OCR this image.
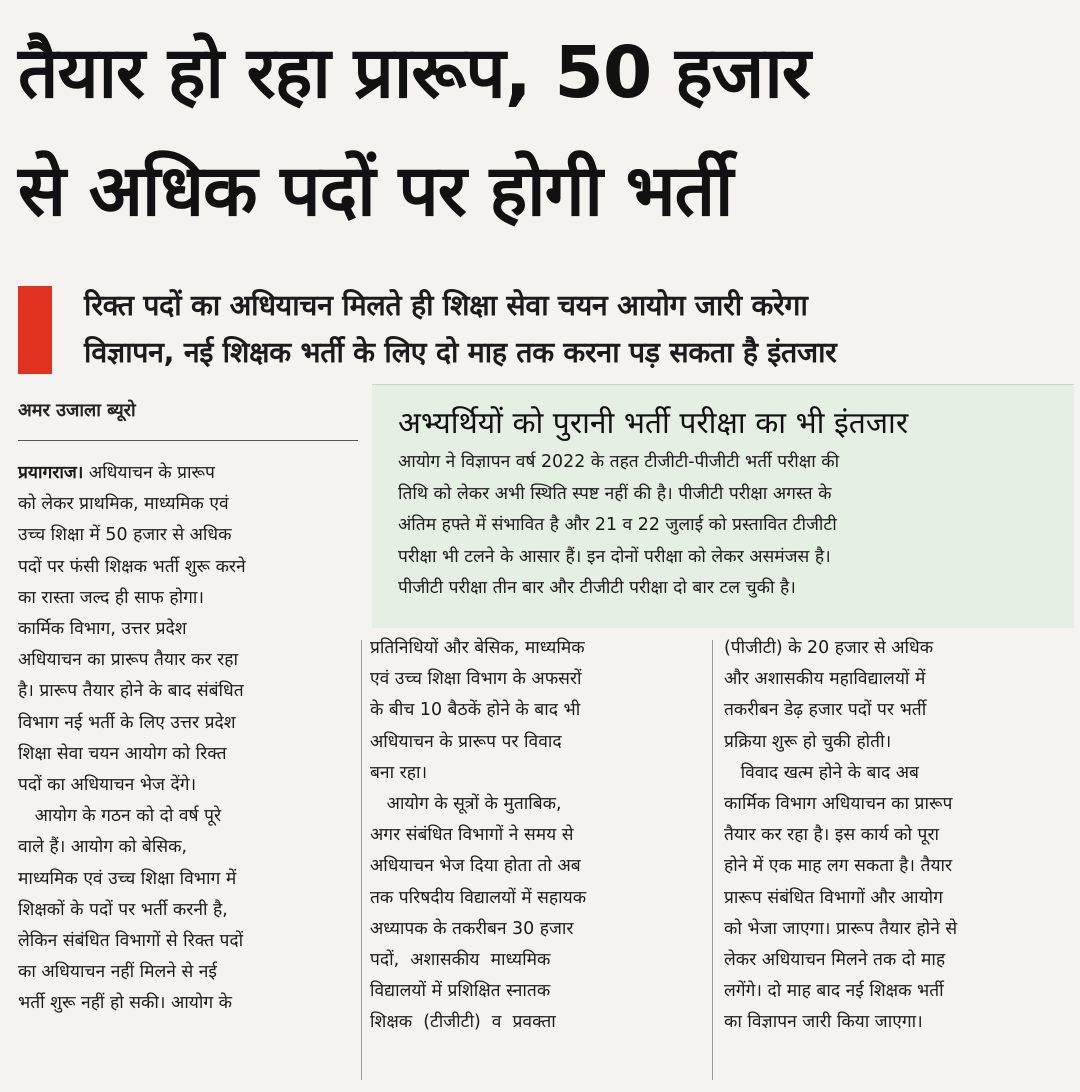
तैयार हो रहा प्रारूप, 50 हजार
से अधिक पदों पर होगी भर्ती
रिक्त पदों का अधियाचन मिलते ही शिक्षा सेवा चयन आयोग जारी करेगा
विज्ञापन, नई शिक्षक भर्ती के लिए दो माह तक करना पड़ सकता है इंतजार
अमर उजाला ब्यूरो	अभ्यर्थियों को पुरानी भर्ती परीक्षा का भी इंतजार
आयोग ने विज्ञापन वर्ष 2022 के तहत टीजीटी-पीजीटी भर्ती परीक्षा की
तिथि को लेकर अभी स्थिति स्पष्ट नहीं की है। पीजीटी परीक्षा अगस्त के
अंतिम हफ्ते में संभावित है और 21 व 22 जुलाई को प्रस्तावित टीजीटी
परीक्षा भी टलने के आसार हैं। इन दोनों परीक्षा को लेकर असमंजस है।
पीजीटी परीक्षा तीन बार और टीजीटी परीक्षा दो बार टल चुकी है।
प्रयागराज। अधियाचन के प्रारूप
को लेकर प्राथमिक, माध्यमिक एवं
उच्च शिक्षा में 50 हजार से अधिक
पदों पर फंसी शिक्षक भर्ती शुरू करने
का रास्ता जल्द ही साफ होगा।
कार्मिक विभाग, उत्तर प्रदेश
अधियाचन का प्रारूप तैयार कर रहा
है। प्रारूप तैयार होने के बाद संबंधित
विभाग नई भर्ती के लिए उत्तर प्रदेश
शिक्षा सेवा चयन आयोग को रिक्त
पदों का अधियाचन भेज देंगे।
आयोग के गठन को दो वर्ष पूरे
वाले हैं। आयोग को बेसिक,
माध्यमिक एवं उच्च शिक्षा विभाग में
शिक्षकों के पदों पर भर्ती करनी है,
लेकिन संबंधित विभागों से रिक्त पदों
का अधियाचन नहीं मिलने से नई
भर्ती शुरू नहीं हो सकी। आयोग के
प्रतिनिधियों और बेसिक, माध्यमिक
एवं उच्च शिक्षा विभाग के अफसरों
के बीच 10 बैठकें होने के बाद भी
अधियाचन के प्रारूप पर विवाद
बना रहा।
आयोग के सूत्रों के मुताबिक,
अगर संबंधित विभागों ने समय से
अधियाचन भेज दिया होता तो अब
तक परिषदीय विद्यालयों में सहायक
अध्यापक के तकरीबन 30 हजार
पदों,  अशासकीय  माध्यमिक
विद्यालयों में प्रशिक्षित स्नातक
शिक्षक  (टीजीटी)  व  प्रवक्ता
(पीजीटी) के 20 हजार से अधिक
और अशासकीय महाविद्यालयों में
तकरीबन डेढ़ हजार पदों पर भर्ती
प्रक्रिया शुरू हो चुकी होती।
विवाद खत्म होने के बाद अब
कार्मिक विभाग अधियाचन का प्रारूप
तैयार कर रहा है। इस कार्य को पूरा
होने में एक माह लग सकता है। तैयार
प्रारूप संबंधित विभागों और आयोग
को भेजा जाएगा। प्रारूप तैयार होने से
लेकर अधियाचन मिलने तक दो माह
लगेंगे। दो माह बाद नई शिक्षक भर्ती
का विज्ञापन जारी किया जाएगा।
